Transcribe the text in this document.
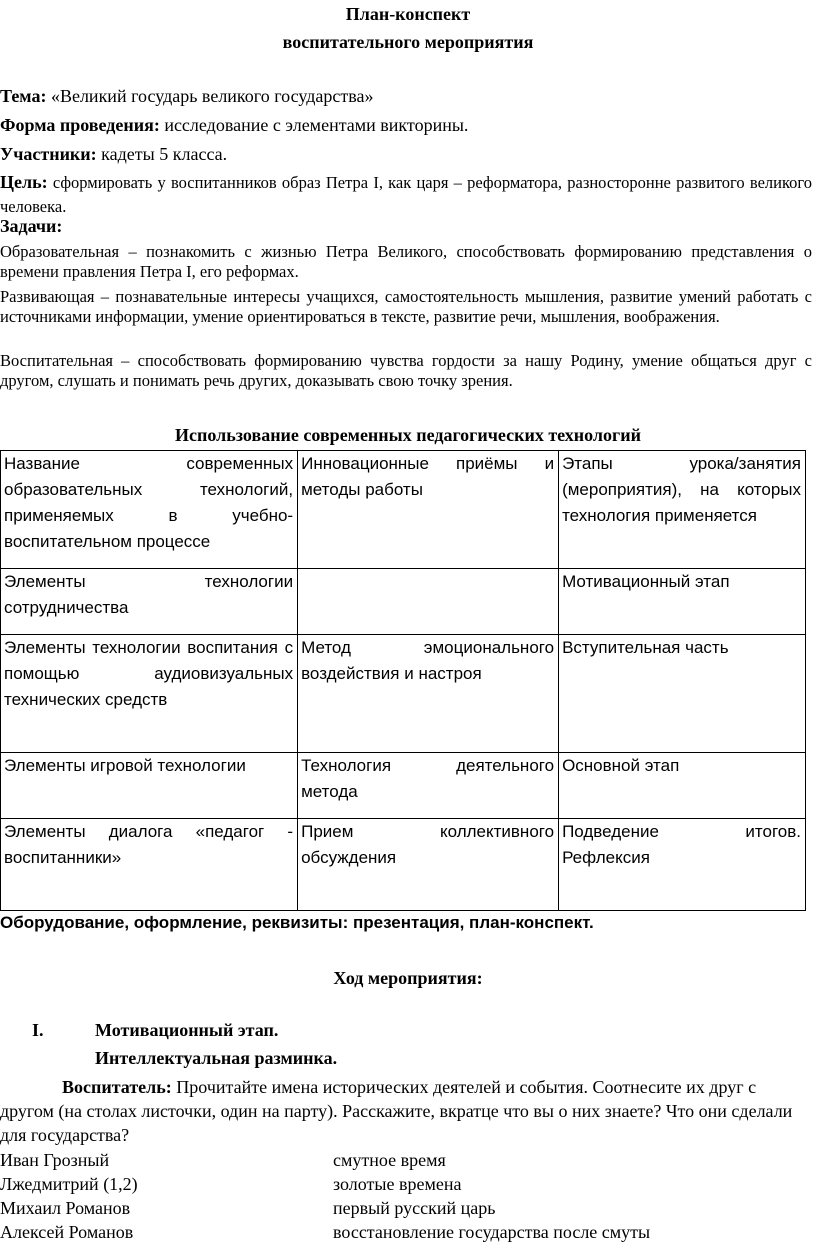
План-конспект
воспитательного мероприятия
Тема: «Великий государь великого государства»
Форма проведения: исследование с элементами викторины.
Участники: кадеты 5 класса.
Цель: сформировать у воспитанников образ Петра I, как царя – реформатора, разносторонне развитого великого человека.
Задачи:
Образовательная – познакомить с жизнью Петра Великого, способствовать формированию представления о времени правления Петра I, его реформах.
Развивающая – познавательные интересы учащихся, самостоятельность мышления, развитие умений работать с источниками информации, умение ориентироваться в тексте, развитие речи, мышления, воображения.
Воспитательная – способствовать формированию чувства гордости за нашу Родину, умение общаться друг с другом, слушать и понимать речь других, доказывать свою точку зрения.
Использование современных педагогических технологий
Название современных образовательных технологий, применяемых в учебно-воспитательном процессе	Инновационные приёмы и методы работы	Этапы урока/занятия (мероприятия), на которых технология применяется
Элементы технологии сотрудничества		Мотивационный этап
Элементы технологии воспитания с помощью аудиовизуальных технических средств	Метод эмоционального воздействия и настроя	Вступительная часть
Элементы игровой технологии	Технология деятельного метода	Основной этап
Элементы диалога «педагог - воспитанники»	Прием коллективного обсуждения	Подведение итогов. Рефлексия
Оборудование, оформление, реквизиты: презентация, план-конспект.
Ход мероприятия:
I.	Мотивационный этап.
Интеллектуальная разминка.
Воспитатель: Прочитайте имена исторических деятелей и события. Соотнесите их друг с другом (на столах листочки, один на парту). Расскажите, вкратце что вы о них знаете? Что они сделали для государства?
Иван Грозный	смутное время
Лжедмитрий (1,2)	золотые времена
Михаил Романов	первый русский царь
Алексей Романов	восстановление государства после смуты
